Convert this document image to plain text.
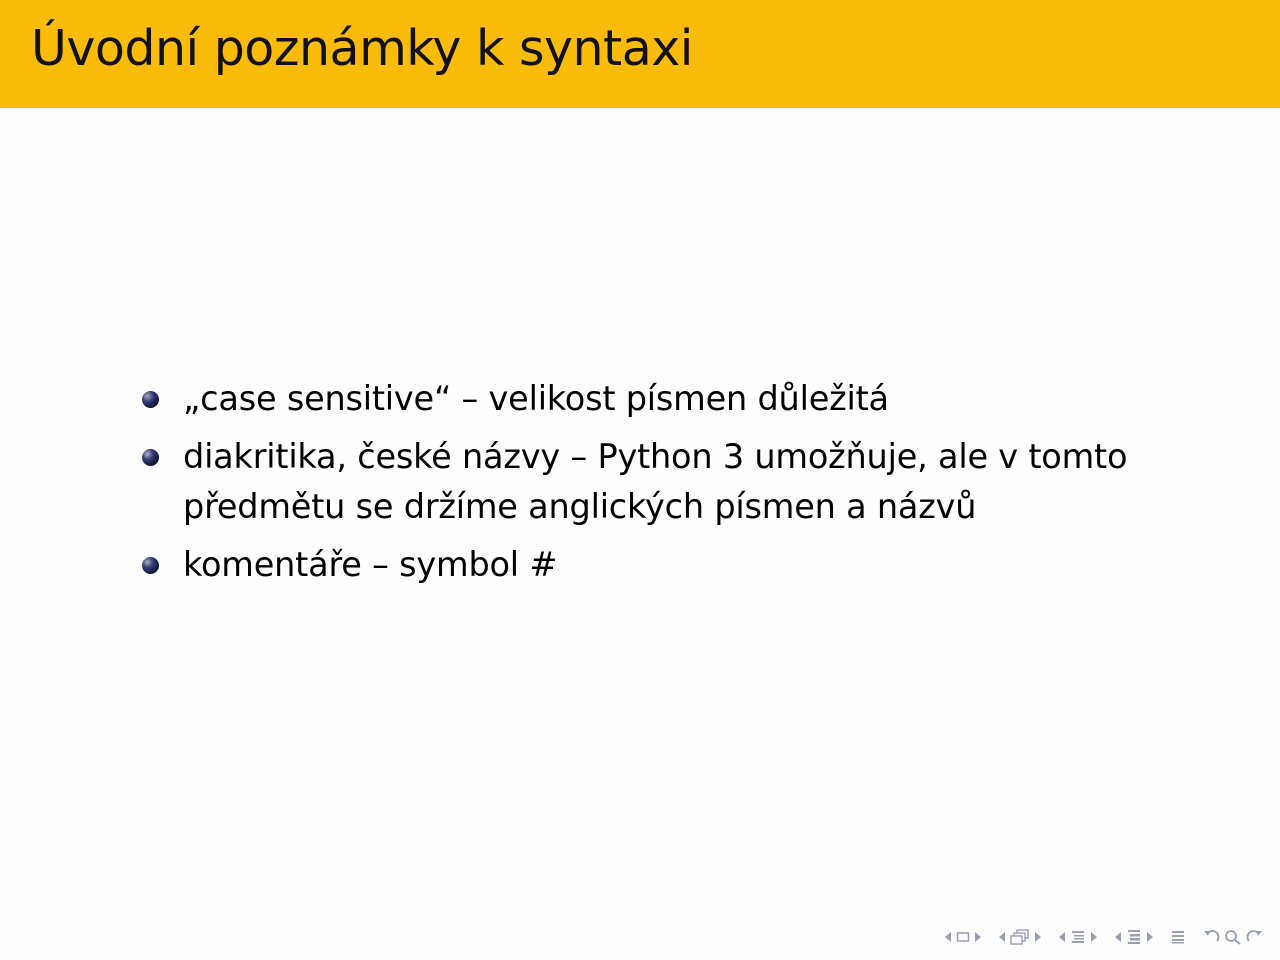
Úvodní poznámky k syntaxi
„case sensitive“ – velikost písmen důležitá
diakritika, české názvy – Python 3 umožňuje, ale v tomto předmětu se držíme anglických písmen a názvů
komentáře – symbol #
